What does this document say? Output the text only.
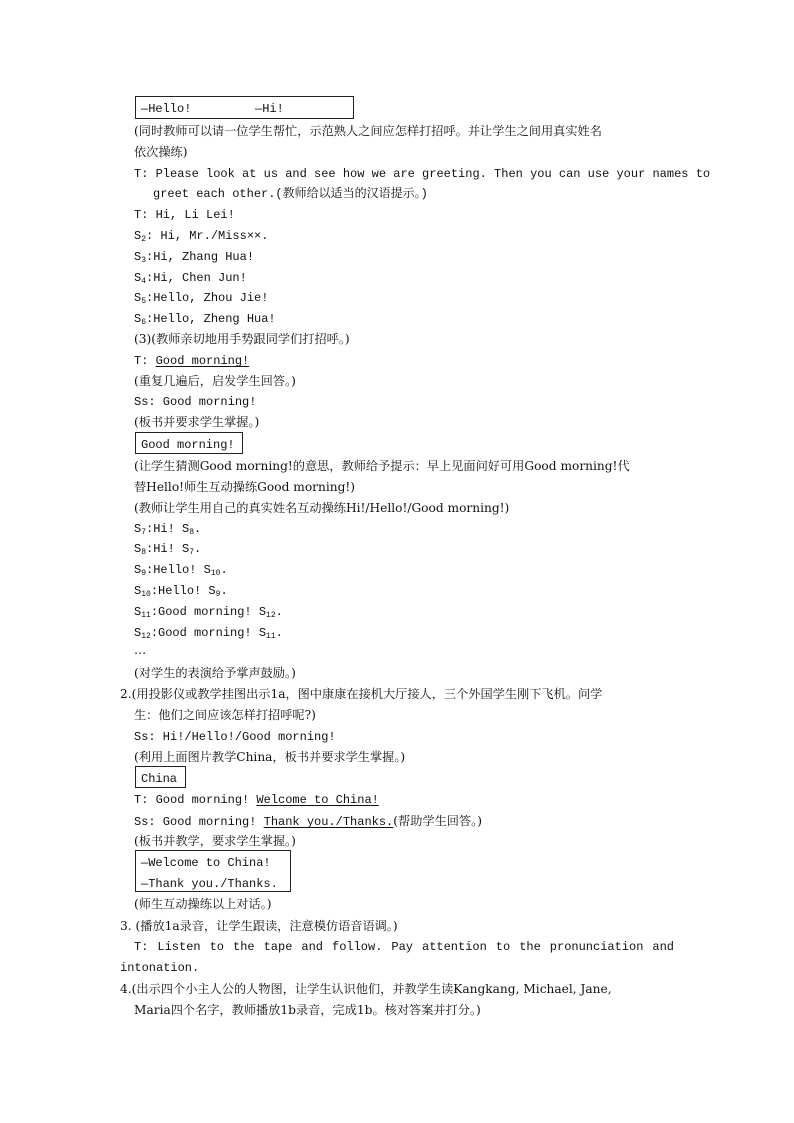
—Hello!	—Hi!
(同时教师可以请一位学生帮忙，示范熟人之间应怎样打招呼。并让学生之间用真实姓名
依次操练)
T: Please look at us and see how we are greeting. Then you can use your names to
greet each other.(教师给以适当的汉语提示。)
T: Hi, Li Lei!
$S_2$: Hi, Mr./Miss××.
$S_3:Hi$, Zhang Hua!
$S_4:Hi$, Chen Jun!
$S_5:Hello$, Zhou Jie!
$S_6:Hello$, Zheng Hua!
(3)(教师亲切地用手势跟同学们打招呼。)
T: Good morning!
(重复几遍后，启发学生回答。)
Ss: Good morning!
(板书并要求学生掌握。)
Good morning!
(让学生猜测Good morning!的意思，教师给予提示：早上见面问好可用Good morning!代
替Hello!师生互动操练Good morning!)
(教师让学生用自己的真实姓名互动操练Hi!/Hello!/Good morning!)
$S_7:Hi$! $S_8$.
$S_8:Hi$! $S_7$.
$S_9:Hello$! $S_{10}$.
$S_{10}:Hello$! $S_9$.
$S_{11}:Good$ morning! $S_{12}$.
$S_{12}:Good$ morning! $S_{11}$.
…
(对学生的表演给予掌声鼓励。)
2.(用投影仪或教学挂图出示1a，图中康康在接机大厅接人，三个外国学生刚下飞机。问学
生：他们之间应该怎样打招呼呢?)
Ss: Hi!/Hello!/Good morning!
(利用上面图片教学China，板书并要求学生掌握。)
China
T: Good morning! Welcome to China!
Ss: Good morning! Thank you./Thanks.(帮助学生回答。)
(板书并教学，要求学生掌握。)
—Welcome to China!
—Thank you./Thanks.
(师生互动操练以上对话。)
3. (播放1a录音，让学生跟读，注意模仿语音语调。)
T: Listen to the tape and follow. Pay attention to the pronunciation and
intonation.
4.(出示四个小主人公的人物图，让学生认识他们，并教学生读Kangkang, Michael, Jane,
Maria四个名字，教师播放1b录音，完成1b。核对答案并打分。)
